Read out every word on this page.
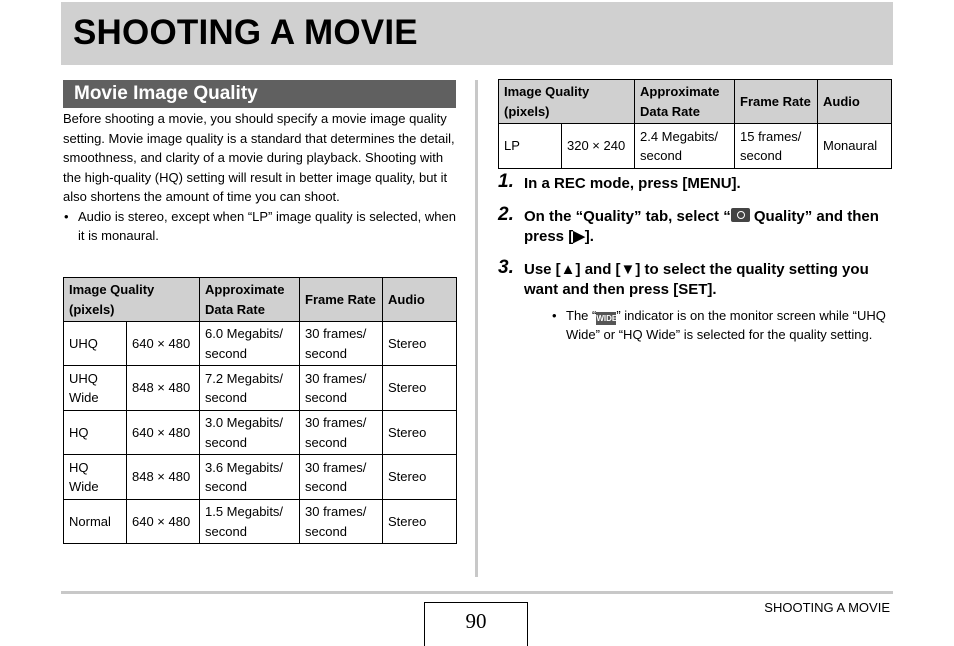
SHOOTING A MOVIE
Movie Image Quality

Before shooting a movie, you should specify a movie image quality setting. Movie image quality is a standard that determines the detail, smoothness, and clarity of a movie during playback. Shooting with the high-quality (HQ) setting will result in better image quality, but it also shortens the amount of time you can shoot.

• Audio is stereo, except when “LP” image quality is selected, when it is monaural.

Image Quality (pixels)		Approximate Data Rate	Frame Rate	Audio
UHQ	640 × 480	6.0 Megabits/ second	30 frames/ second	Stereo
UHQ Wide	848 × 480	7.2 Megabits/ second	30 frames/ second	Stereo
HQ	640 × 480	3.0 Megabits/ second	30 frames/ second	Stereo
HQ Wide	848 × 480	3.6 Megabits/ second	30 frames/ second	Stereo
Normal	640 × 480	1.5 Megabits/ second	30 frames/ second	Stereo
Image Quality (pixels)		Approximate Data Rate	Frame Rate	Audio
LP	320 × 240	2.4 Megabits/ second	15 frames/ second	Monaural
1. In a REC mode, press [MENU].
2. On the “Quality” tab, select “ Quality” and then press [▶].
3. Use [▲] and [▼] to select the quality setting you want and then press [SET].
• The “WIDE” indicator is on the monitor screen while “UHQ Wide” or “HQ Wide” is selected for the quality setting.
90
SHOOTING A MOVIE
